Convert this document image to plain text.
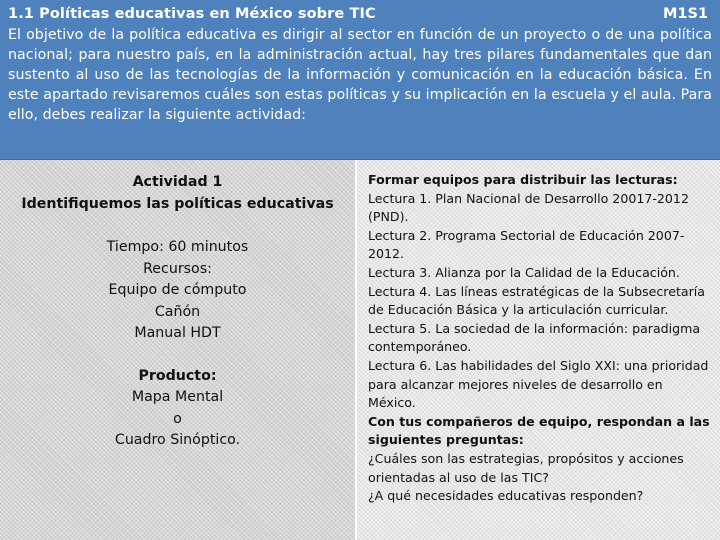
1.1 Políticas educativas en México sobre TIC	M1S1
El objetivo de la política educativa es dirigir al sector en función de un proyecto o de una política nacional; para nuestro país, en la administración actual, hay tres pilares fundamentales que dan sustento al uso de las tecnologías de la información y comunicación en la educación básica. En este apartado revisaremos cuáles son estas políticas y su implicación en la escuela y el aula. Para ello, debes realizar la siguiente actividad:
Actividad 1
Identifiquemos las políticas educativas
Tiempo: 60 minutos
Recursos:
Equipo de cómputo
Cañón
Manual HDT
Producto:
Mapa Mental
o
Cuadro Sinóptico.
Formar equipos para distribuir las lecturas:
Lectura 1. Plan Nacional de Desarrollo 20017-2012 (PND).
Lectura 2. Programa Sectorial de Educación 2007-2012.
Lectura 3. Alianza por la Calidad de la Educación.
Lectura 4. Las líneas estratégicas de la Subsecretaría de Educación Básica y la articulación curricular.
Lectura 5. La sociedad de la información: paradigma contemporáneo.
Lectura 6. Las habilidades del Siglo XXI: una prioridad para alcanzar mejores niveles de desarrollo en México.
Con tus compañeros de equipo, respondan a las siguientes preguntas:
¿Cuáles son las estrategias, propósitos y acciones orientadas al uso de las TIC?
¿A qué necesidades educativas responden?
